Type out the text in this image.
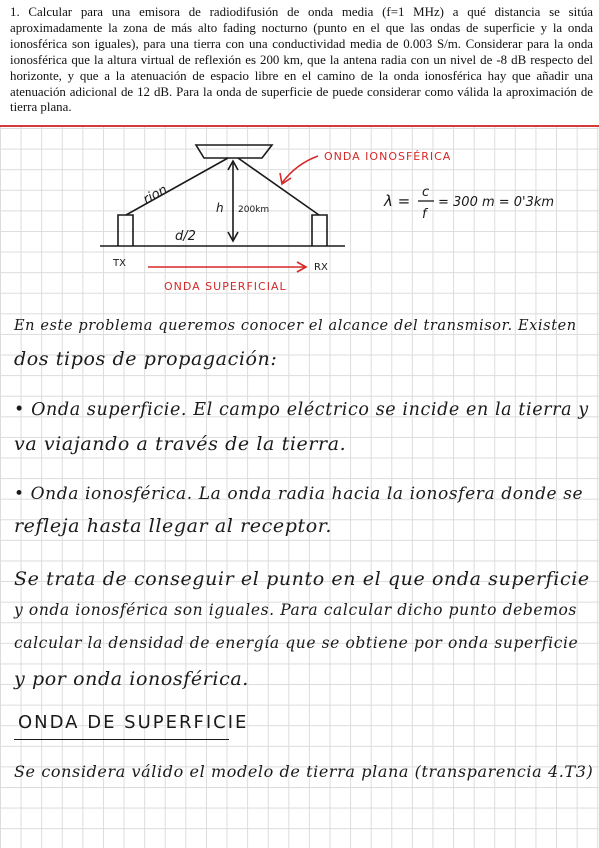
1. Calcular para una emisora de radiodifusión de onda media (f=1 MHz) a qué distancia se sitúa aproximadamente la zona de más alto fading nocturno (punto en el que las ondas de superficie y la onda ionosférica son iguales), para una tierra con una conductividad media de 0.003 S/m. Considerar para la onda ionosférica que la altura virtual de reflexión es 200 km, que la antena radia con un nivel de -8 dB respecto del horizonte, y que a la atenuación de espacio libre en el camino de la onda ionosférica hay que añadir una atenuación adicional de 12 dB. Para la onda de superficie de puede considerar como válida la aproximación de tierra plana.

ONDA IONOSFÉRICA
ONDA SUPERFICIAL
rion
h 200km
d/2
TX	RX
λ = c
f
= 300 m = 0'3km

En este problema queremos conocer el alcance del transmisor. Existen

dos tipos de propagación:

• Onda superficie. El campo eléctrico se incide en la tierra y

va viajando a través de la tierra.

• Onda ionosférica. La onda radia hacia la ionosfera donde se

refleja hasta llegar al receptor.

Se trata de conseguir el punto en el que onda superficie

y onda ionosférica son iguales. Para calcular dicho punto debemos

calcular la densidad de energía que se obtiene por onda superficie

y por onda ionosférica.

ONDA DE SUPERFICIE

Se considera válido el modelo de tierra plana (transparencia 4.T3)
